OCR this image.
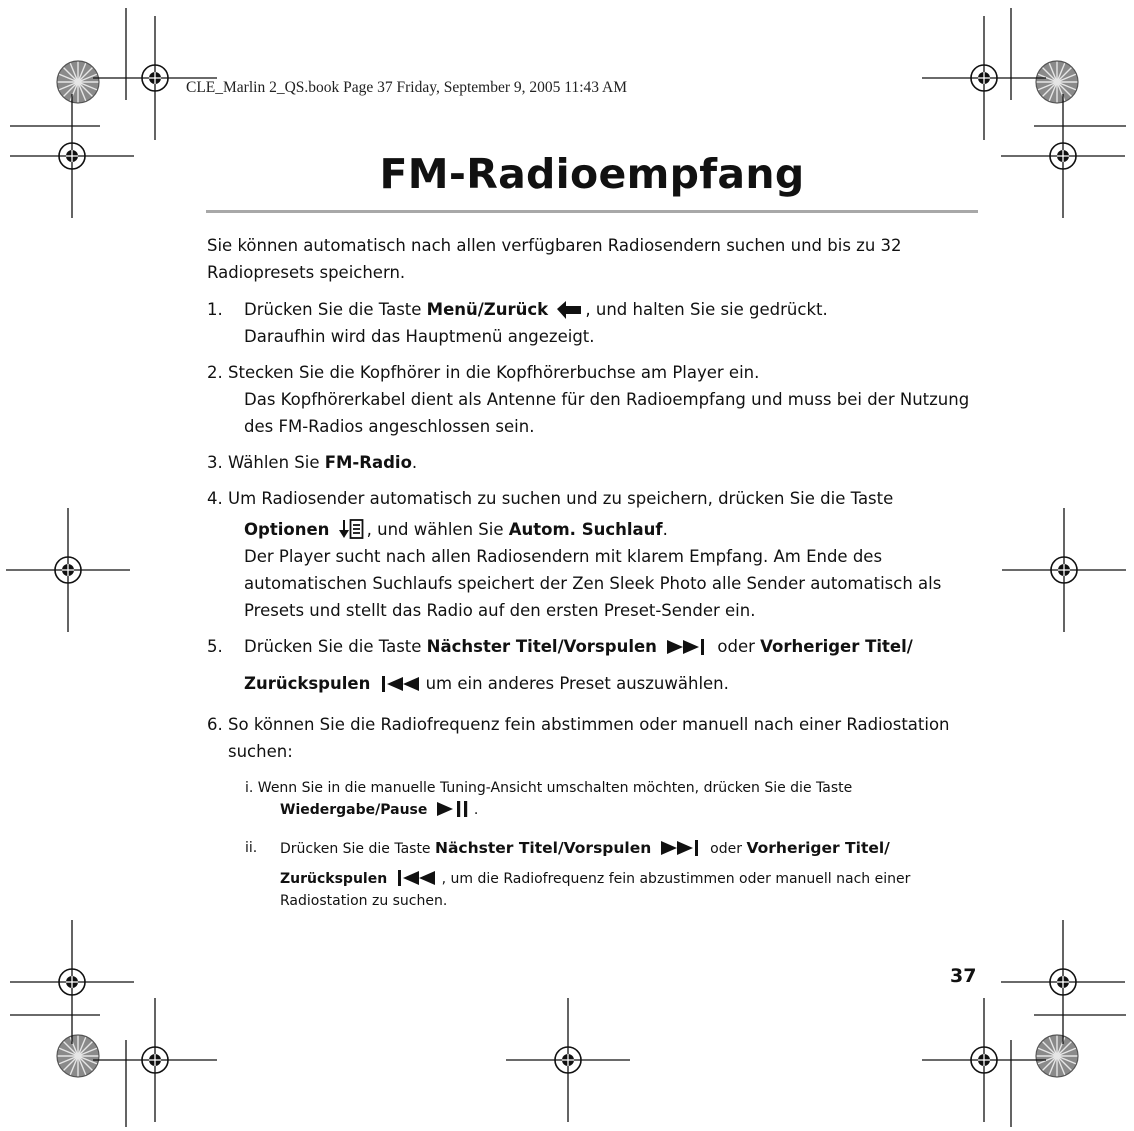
CLE_Marlin 2_QS.book Page 37 Friday, September 9, 2005 11:43 AM
FM-Radioempfang

Sie können automatisch nach allen verfügbaren Radiosendern suchen und bis zu 32 Radiopresets speichern.

1. Drücken Sie die Taste Menü/Zurück , und halten Sie sie gedrückt.
Daraufhin wird das Hauptmenü angezeigt.
2. Stecken Sie die Kopfhörer in die Kopfhörerbuchse am Player ein.
Das Kopfhörerkabel dient als Antenne für den Radioempfang und muss bei der Nutzung des FM-Radios angeschlossen sein.
3. Wählen Sie FM-Radio.
4. Um Radiosender automatisch zu suchen und zu speichern, drücken Sie die Taste
Optionen , und wählen Sie Autom. Suchlauf.
Der Player sucht nach allen Radiosendern mit klarem Empfang. Am Ende des automatischen Suchlaufs speichert der Zen Sleek Photo alle Sender automatisch als Presets und stellt das Radio auf den ersten Preset-Sender ein.
5. Drücken Sie die Taste Nächster Titel/Vorspulen	oder Vorheriger Titel/
Zurückspulen	um ein anderes Preset auszuwählen.
6. So können Sie die Radiofrequenz fein abstimmen oder manuell nach einer Radiostation suchen:
i. Wenn Sie in die manuelle Tuning-Ansicht umschalten möchten, drücken Sie die Taste
Wiedergabe/Pause	.
ii. Drücken Sie die Taste Nächster Titel/Vorspulen	oder Vorheriger Titel/
Zurückspulen	, um die Radiofrequenz fein abzustimmen oder manuell nach einer Radiostation zu suchen.
37
